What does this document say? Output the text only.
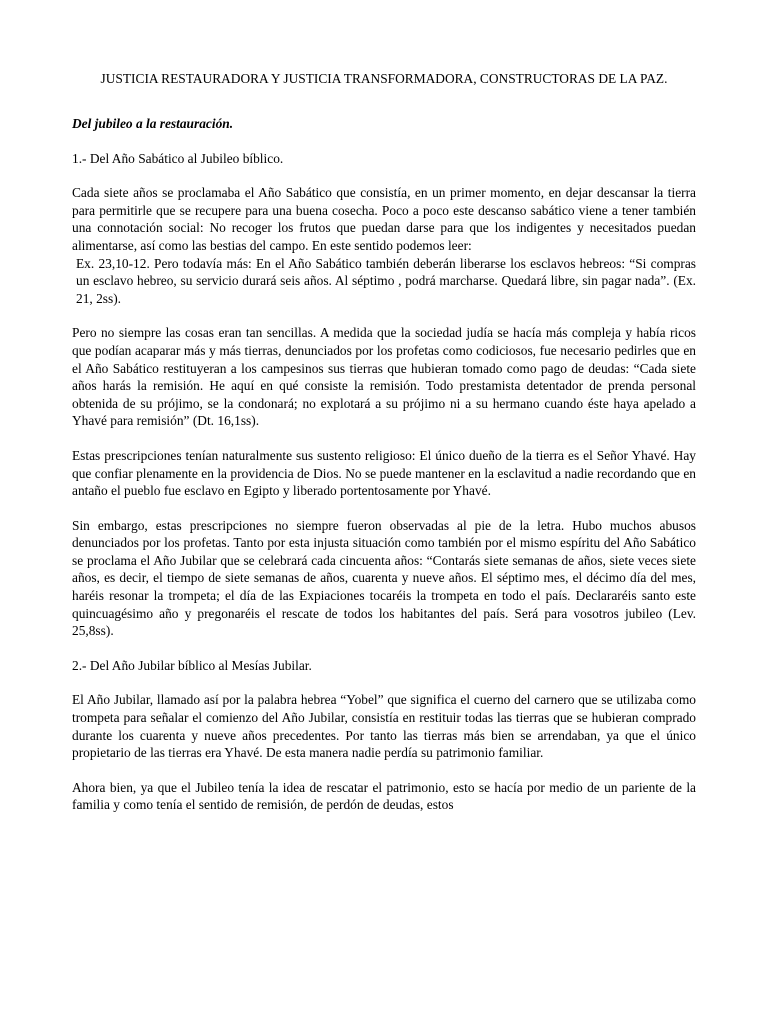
JUSTICIA RESTAURADORA Y JUSTICIA TRANSFORMADORA, CONSTRUCTORAS DE LA PAZ.
Del jubileo a la restauración.
1.- Del Año Sabático al Jubileo bíblico.

Cada siete años se proclamaba el Año Sabático que consistía, en un primer momento, en dejar descansar la tierra para permitirle que se recupere para una buena cosecha. Poco a poco este descanso sabático viene a tener también una connotación social: No recoger los frutos que puedan darse para que los indigentes y necesitados puedan alimentarse, así como las bestias del campo. En este sentido podemos leer:

Ex. 23,10-12. Pero todavía más: En el Año Sabático también deberán liberarse los esclavos hebreos: “Si compras un esclavo hebreo, su servicio durará seis años. Al séptimo , podrá marcharse. Quedará libre, sin pagar nada”. (Ex. 21, 2ss).

Pero no siempre las cosas eran tan sencillas. A medida que la sociedad judía se hacía más compleja y había ricos que podían acaparar más y más tierras, denunciados por los profetas como codiciosos, fue necesario pedirles que en el Año Sabático restituyeran a los campesinos sus tierras que hubieran tomado como pago de deudas: “Cada siete años harás la remisión. He aquí en qué consiste la remisión. Todo prestamista detentador de prenda personal obtenida de su prójimo, se la condonará; no explotará a su prójimo ni a su hermano cuando éste haya apelado a Yhavé para remisión” (Dt. 16,1ss).

Estas prescripciones tenían naturalmente sus sustento religioso: El único dueño de la tierra es el Señor Yhavé. Hay que confiar plenamente en la providencia de Dios. No se puede mantener en la esclavitud a nadie recordando que en antaño el pueblo fue esclavo en Egipto y liberado portentosamente por Yhavé.

Sin embargo, estas prescripciones no siempre fueron observadas al pie de la letra. Hubo muchos abusos denunciados por los profetas. Tanto por esta injusta situación como también por el mismo espíritu del Año Sabático se proclama el Año Jubilar que se celebrará cada cincuenta años: “Contarás siete semanas de años, siete veces siete años, es decir, el tiempo de siete semanas de años, cuarenta y nueve años. El séptimo mes, el décimo día del mes, haréis resonar la trompeta; el día de las Expiaciones tocaréis la trompeta en todo el país. Declararéis santo este quincuagésimo año y pregonaréis el rescate de todos los habitantes del país. Será para vosotros jubileo (Lev. 25,8ss).

2.- Del Año Jubilar bíblico al Mesías Jubilar.

El Año Jubilar, llamado así por la palabra hebrea “Yobel” que significa el cuerno del carnero que se utilizaba como trompeta para señalar el comienzo del Año Jubilar, consistía en restituir todas las tierras que se hubieran comprado durante los cuarenta y nueve años precedentes. Por tanto las tierras más bien se arrendaban, ya que el único propietario de las tierras era Yhavé. De esta manera nadie perdía su patrimonio familiar.

Ahora bien, ya que el Jubileo tenía la idea de rescatar el patrimonio, esto se hacía por medio de un pariente de la familia y como tenía el sentido de remisión, de perdón de deudas, estos
